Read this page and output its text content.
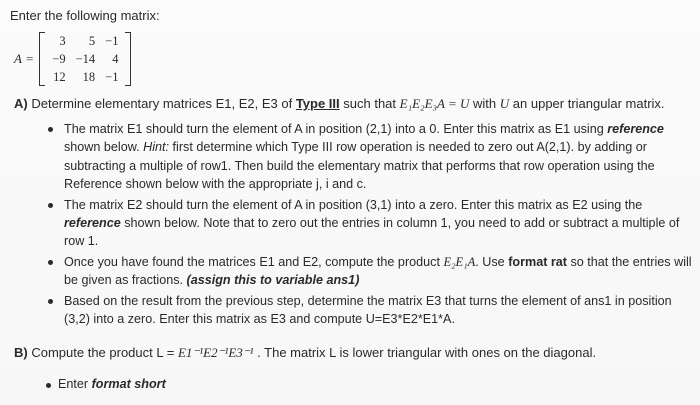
Enter the following matrix:
A =
3	5	−1
−9	−14	4
12	18	−1
A) Determine elementary matrices E1, E2, E3 of Type III such that E₁E₂E₃A = U with U an upper triangular matrix.
The matrix E1 should turn the element of A in position (2,1) into a 0. Enter this matrix as E1 using reference shown below. Hint: first determine which Type III row operation is needed to zero out A(2,1). by adding or subtracting a multiple of row1. Then build the elementary matrix that performs that row operation using the Reference shown below with the appropriate j, i and c.
The matrix E2 should turn the element of A in position (3,1) into a zero. Enter this matrix as E2 using the reference shown below. Note that to zero out the entries in column 1, you need to add or subtract a multiple of row 1.
Once you have found the matrices E1 and E2, compute the product E₂E₁A. Use format rat so that the entries will be given as fractions. (assign this to variable ans1)
Based on the result from the previous step, determine the matrix E3 that turns the element of ans1 in position (3,2) into a zero. Enter this matrix as E3 and compute U=E3*E2*E1*A.
B) Compute the product L = E1⁻¹E2⁻¹E3⁻¹ . The matrix L is lower triangular with ones on the diagonal.
Enter format short
